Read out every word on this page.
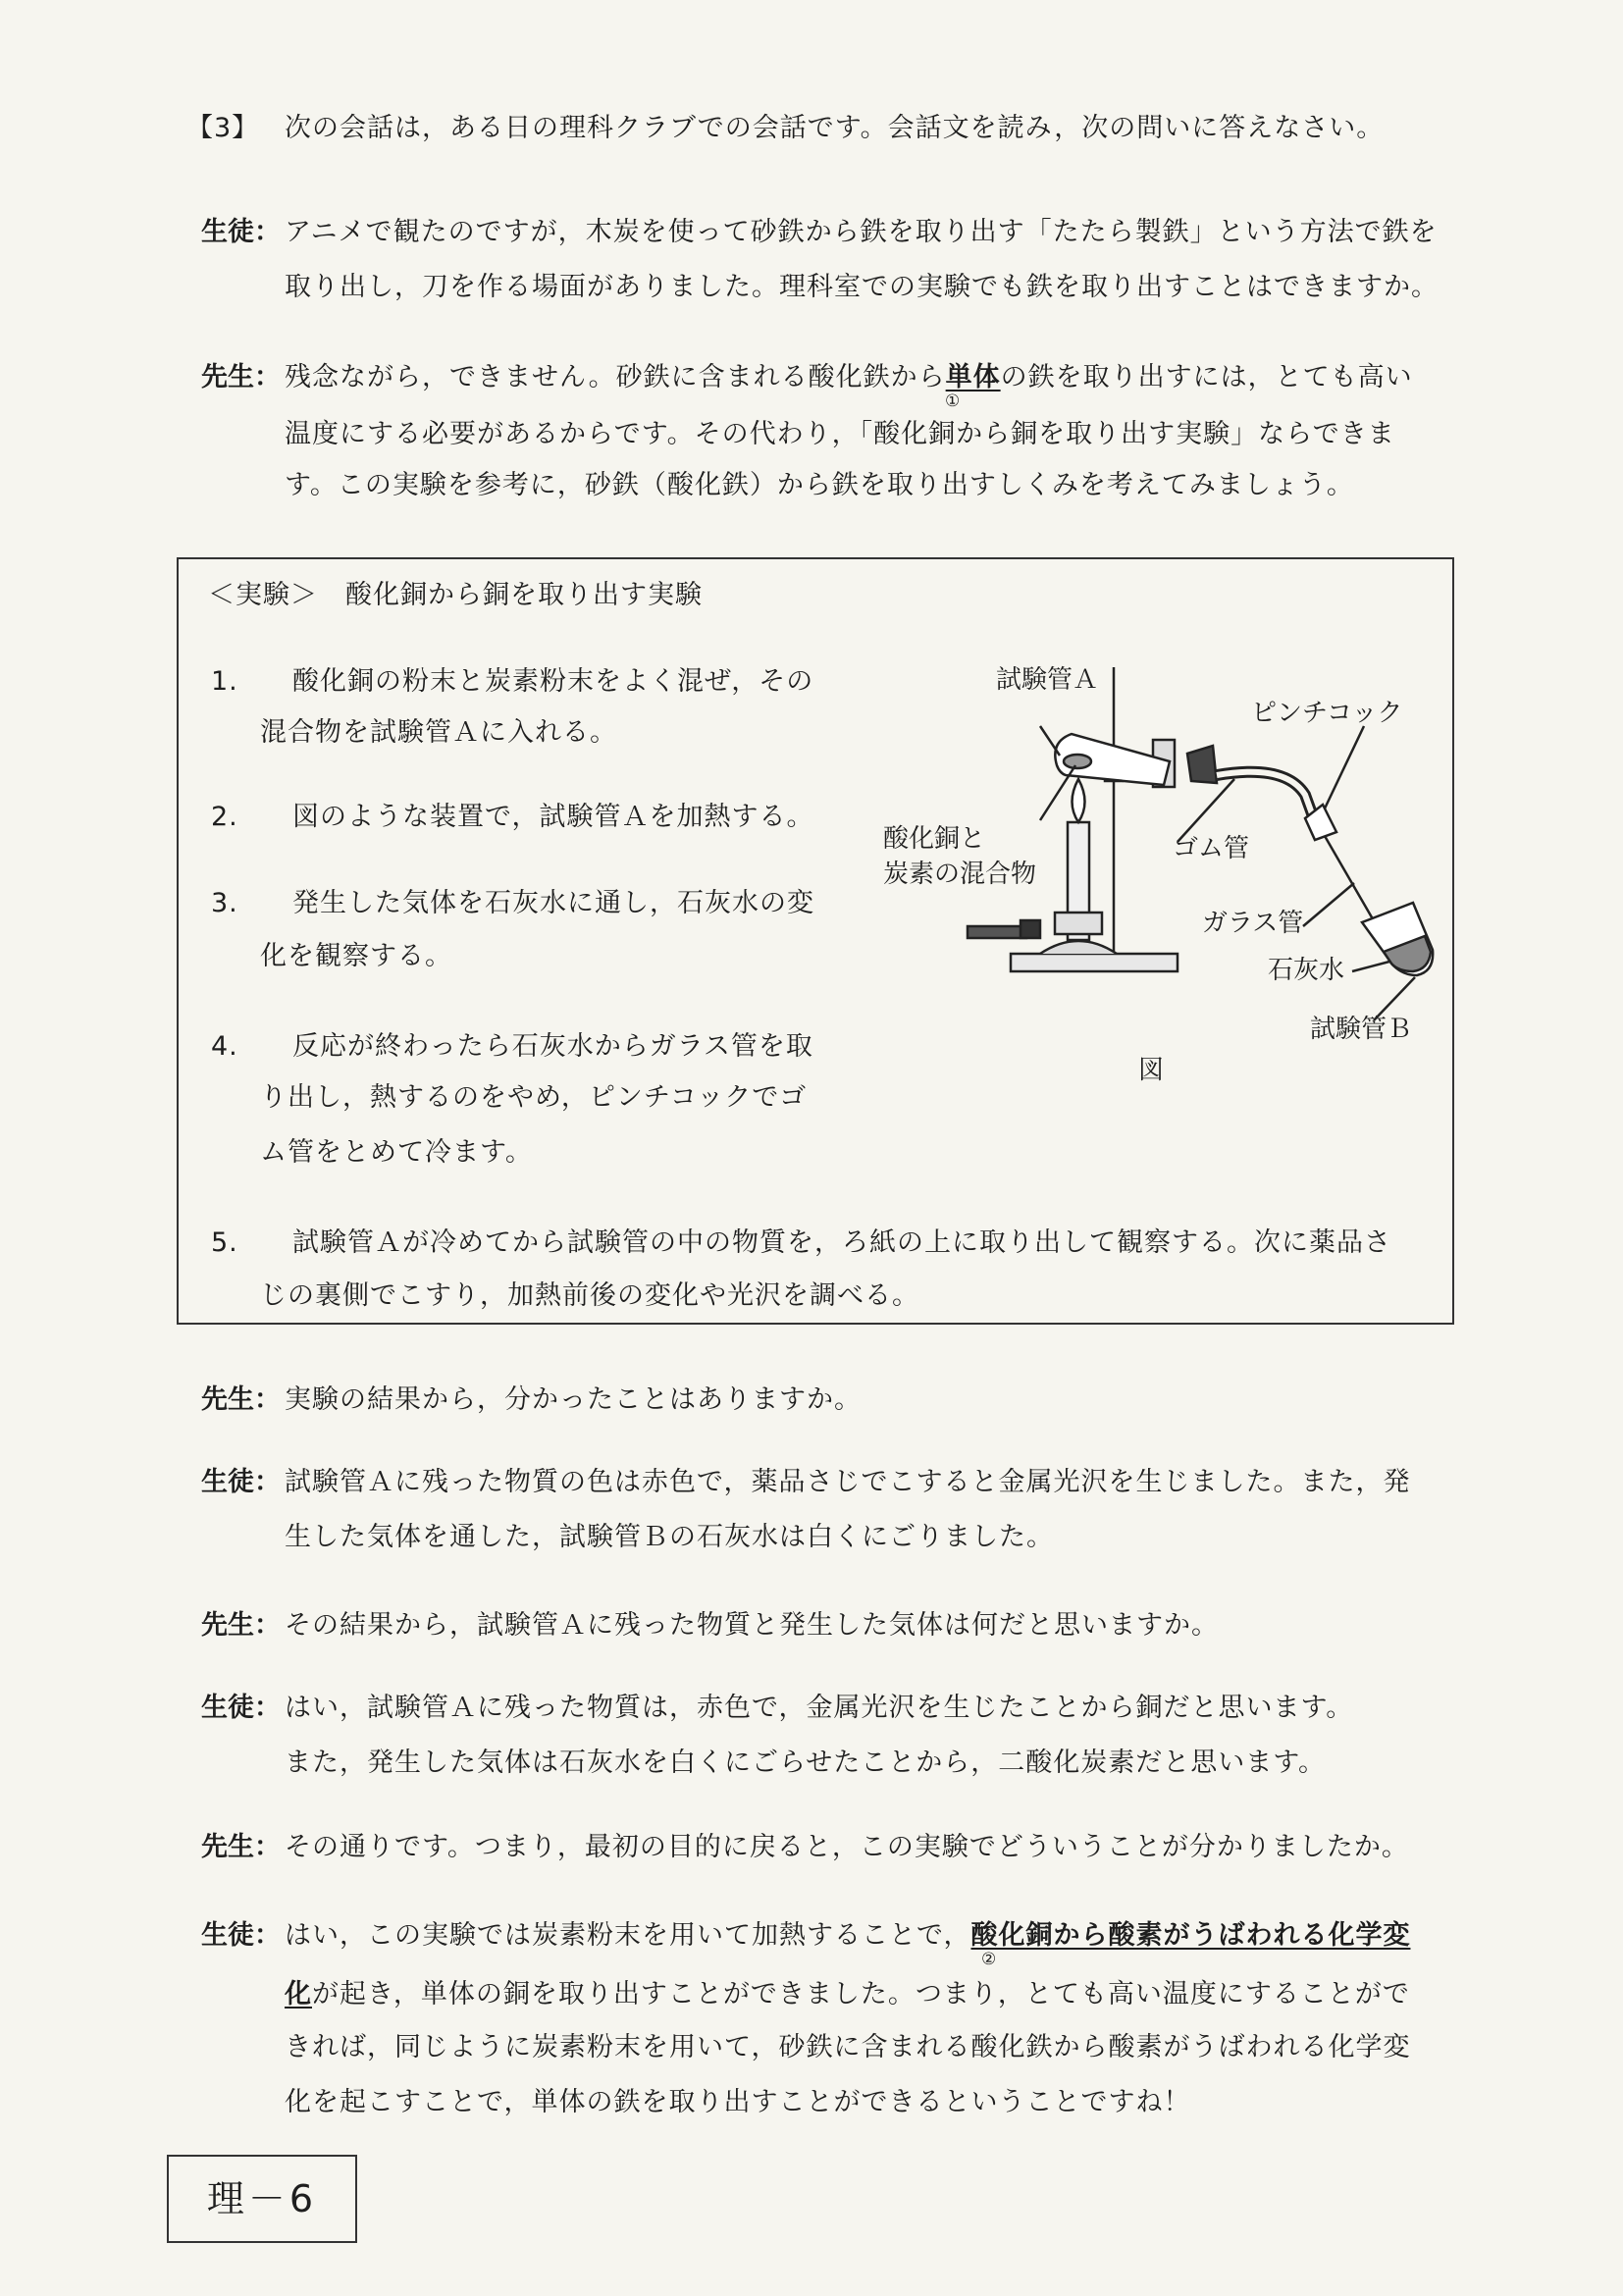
【3】 次の会話は，ある日の理科クラブでの会話です。会話文を読み，次の問いに答えなさい。
生徒： アニメで観たのですが，木炭を使って砂鉄から鉄を取り出す「たたら製鉄」という方法で鉄を
取り出し，刀を作る場面がありました。理科室での実験でも鉄を取り出すことはできますか。
先生： 残念ながら，できません。砂鉄に含まれる酸化鉄から単体の鉄を取り出すには，とても高い
①
温度にする必要があるからです。その代わり，「酸化銅から銅を取り出す実験」ならできま
す。この実験を参考に，砂鉄（酸化鉄）から鉄を取り出すしくみを考えてみましょう。
＜実験＞　酸化銅から銅を取り出す実験
1. 酸化銅の粉末と炭素粉末をよく混ぜ，その
混合物を試験管Ａに入れる。
2. 図のような装置で，試験管Ａを加熱する。
3. 発生した気体を石灰水に通し，石灰水の変
化を観察する。
4. 反応が終わったら石灰水からガラス管を取
り出し，熱するのをやめ，ピンチコックでゴ
ム管をとめて冷ます。
5. 試験管Ａが冷めてから試験管の中の物質を，ろ紙の上に取り出して観察する。次に薬品さ
じの裏側でこすり，加熱前後の変化や光沢を調べる。
試験管Ａ
ピンチコック
酸化銅と
炭素の混合物
ゴム管
ガラス管
石灰水
試験管Ｂ
図
先生： 実験の結果から，分かったことはありますか。
生徒： 試験管Ａに残った物質の色は赤色で，薬品さじでこすると金属光沢を生じました。また，発
生した気体を通した，試験管Ｂの石灰水は白くにごりました。
先生： その結果から，試験管Ａに残った物質と発生した気体は何だと思いますか。
生徒： はい，試験管Ａに残った物質は，赤色で，金属光沢を生じたことから銅だと思います。
また，発生した気体は石灰水を白くにごらせたことから，二酸化炭素だと思います。
先生： その通りです。つまり，最初の目的に戻ると，この実験でどういうことが分かりましたか。
生徒： はい，この実験では炭素粉末を用いて加熱することで，酸化銅から酸素がうばわれる化学変
②
化が起き，単体の銅を取り出すことができました。つまり，とても高い温度にすることがで
きれば，同じように炭素粉末を用いて，砂鉄に含まれる酸化鉄から酸素がうばわれる化学変
化を起こすことで，単体の鉄を取り出すことができるということですね！
理－6
